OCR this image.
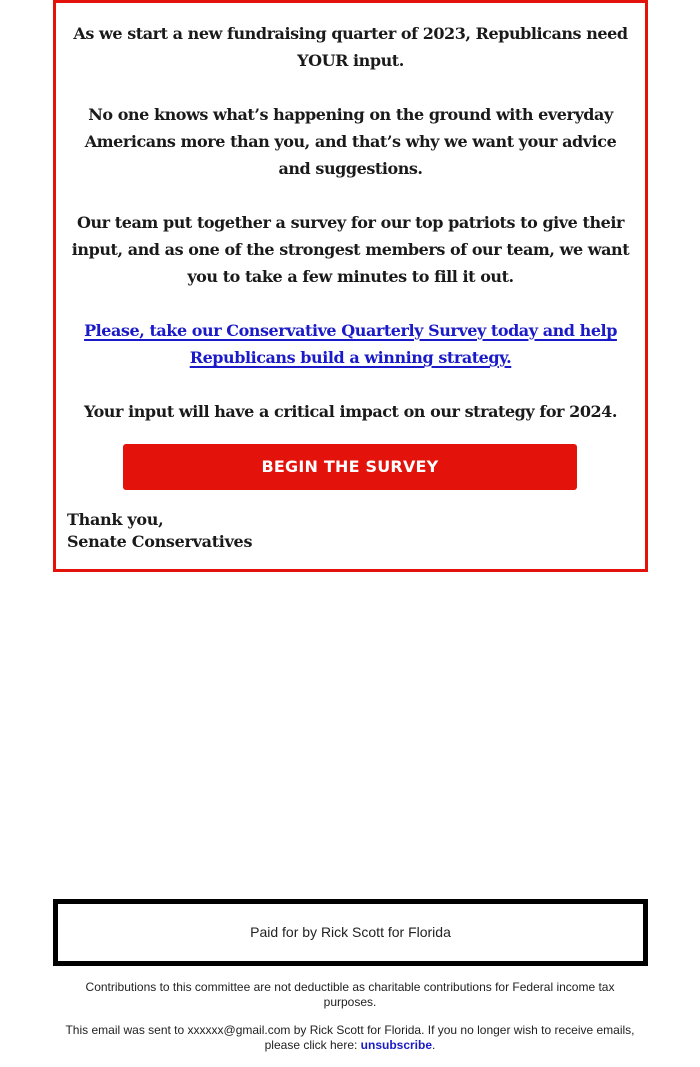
As we start a new fundraising quarter of 2023, Republicans need YOUR input.

No one knows what’s happening on the ground with everyday Americans more than you, and that’s why we want your advice and suggestions.

Our team put together a survey for our top patriots to give their input, and as one of the strongest members of our team, we want you to take a few minutes to fill it out.

Please, take our Conservative Quarterly Survey today and help Republicans build a winning strategy.

Your input will have a critical impact on our strategy for 2024.

BEGIN THE SURVEY
Thank you,
Senate Conservatives
Paid for by Rick Scott for Florida
Contributions to this committee are not deductible as charitable contributions for Federal income tax purposes.
This email was sent to xxxxxx@gmail.com by Rick Scott for Florida. If you no longer wish to receive emails, please click here: unsubscribe.
